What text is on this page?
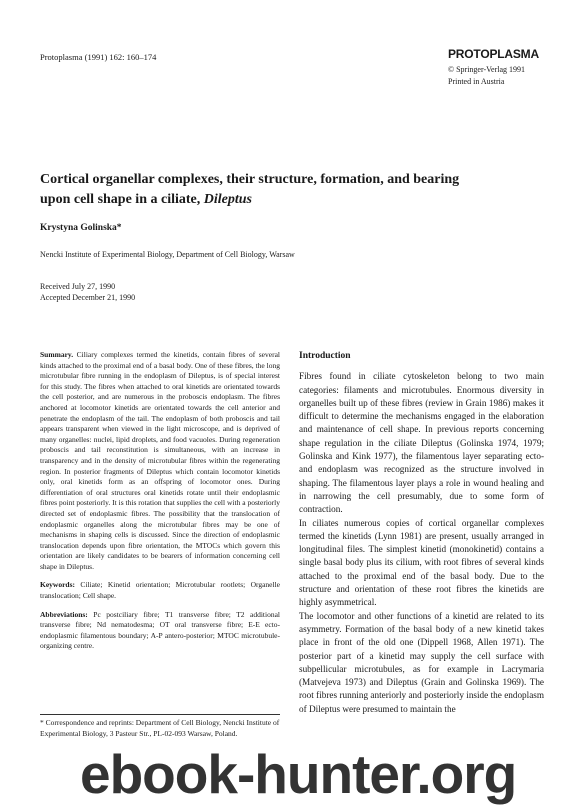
Protoplasma (1991) 162: 160–174	PROTOPLASMA
© Springer-Verlag 1991
Printed in Austria
Cortical organellar complexes, their structure, formation, and bearing upon cell shape in a ciliate, Dileptus
Krystyna Golinska*
Nencki Institute of Experimental Biology, Department of Cell Biology, Warsaw
Received July 27, 1990
Accepted December 21, 1990

Summary. Ciliary complexes termed the kinetids, contain fibres of several kinds attached to the proximal end of a basal body. One of these fibres, the long microtubular fibre running in the endoplasm of Dileptus, is of special interest for this study. The fibres when attached to oral kinetids are orientated towards the cell posterior, and are numerous in the proboscis endoplasm. The fibres anchored at locomotor kinetids are orientated towards the cell anterior and penetrate the endoplasm of the tail. The endoplasm of both proboscis and tail appears transparent when viewed in the light microscope, and is deprived of many organelles: nuclei, lipid droplets, and food vacuoles. During regeneration proboscis and tail reconstitution is simultaneous, with an increase in transparency and in the density of microtubular fibres within the regenerating region. In posterior fragments of Dileptus which contain locomotor kinetids only, oral kinetids form as an offspring of locomotor ones. During differentiation of oral structures oral kinetids rotate until their endoplasmic fibres point posteriorly. It is this rotation that supplies the cell with a posteriorly directed set of endoplasmic fibres. The possibility that the translocation of endoplasmic organelles along the microtubular fibres may be one of mechanisms in shaping cells is discussed. Since the direction of endoplasmic translocation depends upon fibre orientation, the MTOCs which govern this orientation are likely candidates to be bearers of information concerning cell shape in Dileptus.

Keywords: Ciliate; Kinetid orientation; Microtubular rootlets; Organelle translocation; Cell shape.

Abbreviations: Pc postciliary fibre; T1 transverse fibre; T2 additional transverse fibre; Nd nematodesma; OT oral transverse fibre; E-E ecto-endoplasmic filamentous boundary; A-P antero-posterior; MTOC microtubule-organizing centre.

* Correspondence and reprints: Department of Cell Biology, Nencki Institute of Experimental Biology, 3 Pasteur Str., PL-02-093 Warsaw, Poland.
Introduction

Fibres found in ciliate cytoskeleton belong to two main categories: filaments and microtubules. Enormous diversity in organelles built up of these fibres (review in Grain 1986) makes it difficult to determine the mechanisms engaged in the elaboration and maintenance of cell shape. In previous reports concerning shape regulation in the ciliate Dileptus (Golinska 1974, 1979; Golinska and Kink 1977), the filamentous layer separating ecto- and endoplasm was recognized as the structure involved in shaping. The filamentous layer plays a role in wound healing and in narrowing the cell presumably, due to some form of contraction.

In ciliates numerous copies of cortical organellar complexes termed the kinetids (Lynn 1981) are present, usually arranged in longitudinal files. The simplest kinetid (monokinetid) contains a single basal body plus its cilium, with root fibres of several kinds attached to the proximal end of the basal body. Due to the structure and orientation of these root fibres the kinetids are highly asymmetrical.

The locomotor and other functions of a kinetid are related to its asymmetry. Formation of the basal body of a new kinetid takes place in front of the old one (Dippell 1968, Allen 1971). The posterior part of a kinetid may supply the cell surface with subpellicular microtubules, as for example in Lacrymaria (Matvejeva 1973) and Dileptus (Grain and Golinska 1969). The root fibres running anteriorly and posteriorly inside the endoplasm of Dileptus were presumed to maintain the

ebook-hunter.org
